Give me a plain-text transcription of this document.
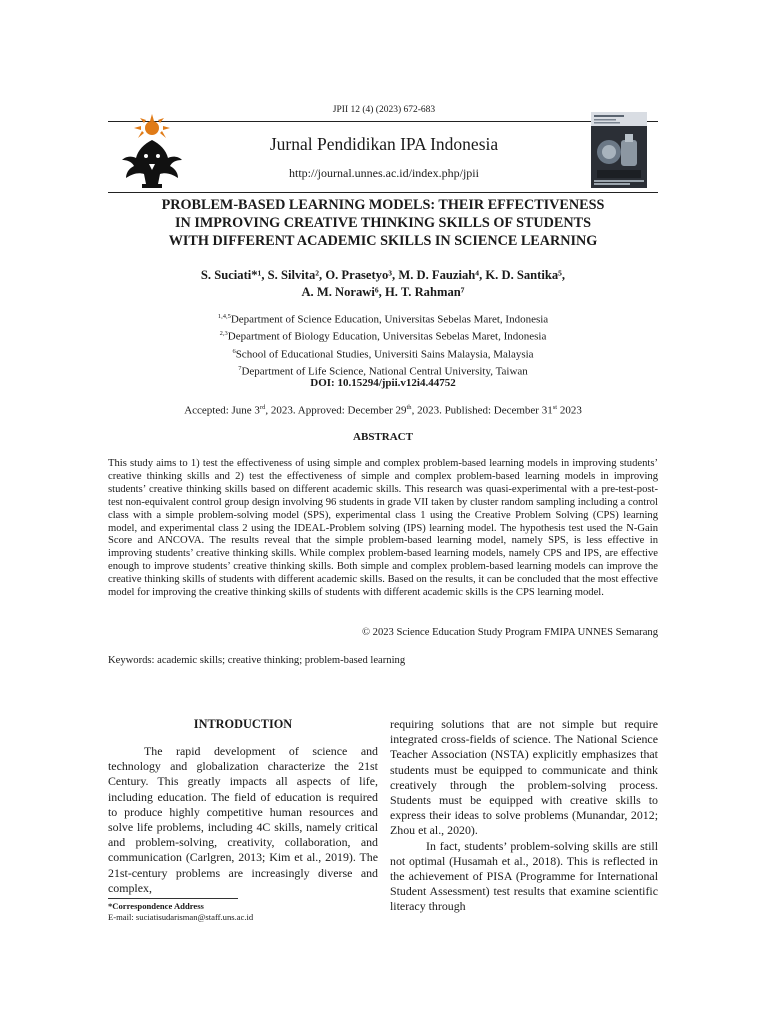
JPII 12 (4) (2023) 672-683
Jurnal Pendidikan IPA Indonesia
http://journal.unnes.ac.id/index.php/jpii
PROBLEM-BASED LEARNING MODELS: THEIR EFFECTIVENESS
IN IMPROVING CREATIVE THINKING SKILLS OF STUDENTS
WITH DIFFERENT ACADEMIC SKILLS IN SCIENCE LEARNING
S. Suciati*¹, S. Silvita², O. Prasetyo³, M. D. Fauziah⁴, K. D. Santika⁵,
A. M. Norawi⁶, H. T. Rahman⁷
$^{1,4,5}$Department of Science Education, Universitas Sebelas Maret, Indonesia
$^{2,3}$Department of Biology Education, Universitas Sebelas Maret, Indonesia
$^6$School of Educational Studies, Universiti Sains Malaysia, Malaysia
$^7$Department of Life Science, National Central University, Taiwan
DOI: 10.15294/jpii.v12i4.44752
Accepted: June 3rd, 2023. Approved: December 29th, 2023. Published: December 31st 2023
ABSTRACT
This study aims to 1) test the effectiveness of using simple and complex problem-based learning models in improving students’ creative thinking skills and 2) test the effectiveness of simple and complex problem-based learning models in improving students’ creative thinking skills based on different academic skills. This research was quasi-experimental with a pre-test-post-test non-equivalent control group design involving 96 students in grade VII taken by cluster random sampling including a control class with a simple problem-solving model (SPS), experimental class 1 using the Creative Problem Solving (CPS) learning model, and experimental class 2 using the IDEAL-Problem solving (IPS) learning model. The hypothesis test used the N-Gain Score and ANCOVA. The results reveal that the simple problem-based learning model, namely SPS, is less effective in improving students’ creative thinking skills. While complex problem-based learning models, namely CPS and IPS, are effective enough to improve students’ creative thinking skills. Both simple and complex problem-based learning models can improve the creative thinking skills of students with different academic skills. Based on the results, it can be concluded that the most effective model for improving the creative thinking skills of students with different academic skills is the CPS learning model.
© 2023 Science Education Study Program FMIPA UNNES Semarang
Keywords: academic skills; creative thinking; problem-based learning
INTRODUCTION
The rapid development of science and technology and globalization characterize the 21st Century. This greatly impacts all aspects of life, including education. The field of education is required to produce highly competitive human resources and solve life problems, including 4C skills, namely critical and problem-solving, creativity, collaboration, and communication (Carlgren, 2013; Kim et al., 2019). The 21st-century problems are increasingly diverse and complex,
requiring solutions that are not simple but require integrated cross-fields of science. The National Science Teacher Association (NSTA) explicitly emphasizes that students must be equipped to communicate and think creatively through the problem-solving process. Students must be equipped with creative skills to express their ideas to solve problems (Munandar, 2012; Zhou et al., 2020).
In fact, students’ problem-solving skills are still not optimal (Husamah et al., 2018). This is reflected in the achievement of PISA (Programme for International Student Assessment) test results that examine scientific literacy through
*Correspondence Address
E-mail: suciatisudarisman@staff.uns.ac.id
